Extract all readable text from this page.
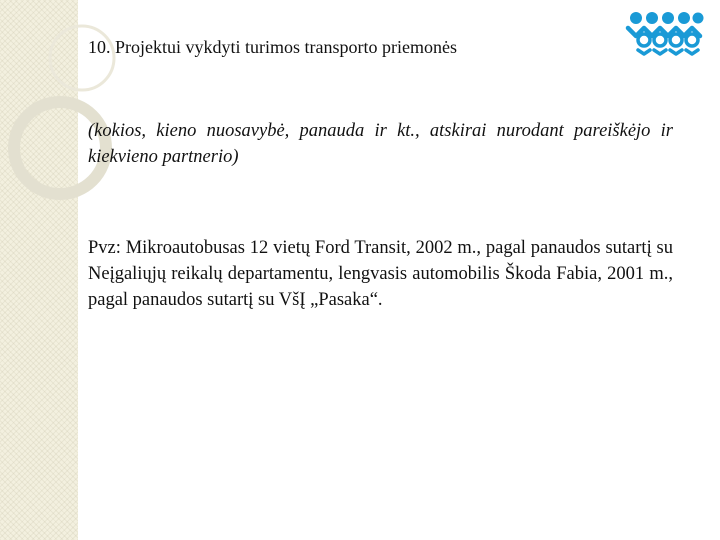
10. Projektui vykdyti turimos transporto priemonės
(kokios, kieno nuosavybė, panauda ir kt., atskirai nurodant pareiškėjo ir kiekvieno partnerio)
Pvz: Mikroautobusas 12 vietų Ford Transit, 2002 m., pagal panaudos sutartį su Neįgaliųjų reikalų departamentu, lengvasis automobilis Škoda Fabia, 2001 m., pagal panaudos sutartį su VšĮ „Pasaka“.
